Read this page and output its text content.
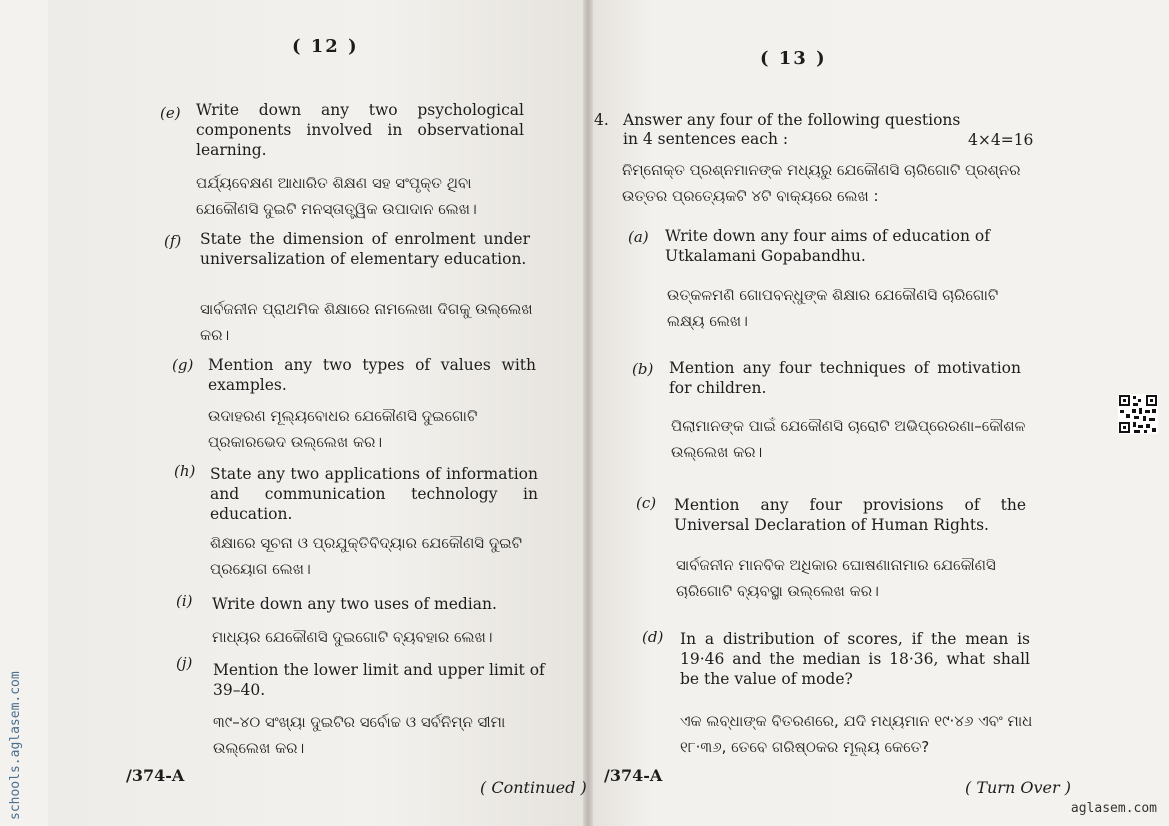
( 12 )
(e) Write down any two psychological components involved in observational learning.
ପର୍ଯ୍ୟବେକ୍ଷଣ ଆଧାରିତ ଶିକ୍ଷଣ ସହ ସଂପୃକ୍ତ ଥିବା ଯେକୌଣସି ଦୁଇଟି ମନସ୍ତାତ୍ତ୍ୱିକ ଉପାଦାନ ଲେଖ।
(f) State the dimension of enrolment under universalization of elementary education.
ସାର୍ବଜନୀନ ପ୍ରାଥମିକ ଶିକ୍ଷାରେ ନାମଲେଖା ଦିଗକୁ ଉଲ୍ଲେଖ କର।
(g) Mention any two types of values with examples.
ଉଦାହରଣ ମୂଲ୍ୟବୋଧର ଯେକୌଣସି ଦୁଇଗୋଟି ପ୍ରକାରଭେଦ ଉଲ୍ଲେଖ କର।
(h) State any two applications of information and communication technology in education.
ଶିକ୍ଷାରେ ସୂଚନା ଓ ପ୍ରଯୁକ୍ତିବିଦ୍ୟାର ଯେକୌଣସି ଦୁଇଟି ପ୍ରୟୋଗ ଲେଖ।
(i) Write down any two uses of median.
ମାଧ୍ୟର ଯେକୌଣସି ଦୁଇଗୋଟି ବ୍ୟବହାର ଲେଖ।
(j) Mention the lower limit and upper limit of 39–40.
୩୯–୪୦ ସଂଖ୍ୟା ଦୁଇଟିର ସର୍ବୋଚ୍ଚ ଓ ସର୍ବନିମ୍ନ ସୀମା ଉଲ୍ଲେଖ କର।
/374-A
( Continued )
( 13 )
4. Answer any four of the following questions
in 4 sentences each :	4×4=16
ନିମ୍ନୋକ୍ତ ପ୍ରଶ୍ନମାନଙ୍କ ମଧ୍ୟରୁ ଯେକୌଣସି ଚାରିଗୋଟି ପ୍ରଶ୍ନର ଉତ୍ତର ପ୍ରତ୍ୟେକଟି ୪ଟି ବାକ୍ୟରେ ଲେଖ :
(a) Write down any four aims of education of Utkalamani Gopabandhu.
ଉତ୍କଳମଣି ଗୋପବନ୍ଧୁଙ୍କ ଶିକ୍ଷାର ଯେକୌଣସି ଚାରିଗୋଟି ଲକ୍ଷ୍ୟ ଲେଖ।
(b) Mention any four techniques of motivation for children.
ପିଲାମାନଙ୍କ ପାଇଁ ଯେକୌଣସି ଚାରୋଟି ଅଭିପ୍ରେରଣା–କୌଶଳ ଉଲ୍ଲେଖ କର।
(c) Mention any four provisions of the Universal Declaration of Human Rights.
ସାର୍ବଜନୀନ ମାନବିକ ଅଧିକାର ଘୋଷଣାନାମାର ଯେକୌଣସି ଚାରିଗୋଟି ବ୍ୟବସ୍ଥା ଉଲ୍ଲେଖ କର।
(d) In a distribution of scores, if the mean is 19·46 and the median is 18·36, what shall be the value of mode?
ଏକ ଲବ୍ଧାଙ୍କ ବିତରଣରେ, ଯଦି ମଧ୍ୟମାନ ୧୯·୪୬ ଏବଂ ମାଧ ୧୮·୩୬, ତେବେ ଗରିଷ୍ଠକର ମୂଲ୍ୟ କେତେ?
/374-A
( Turn Over )
schools.aglasem.com	aglasem.com
